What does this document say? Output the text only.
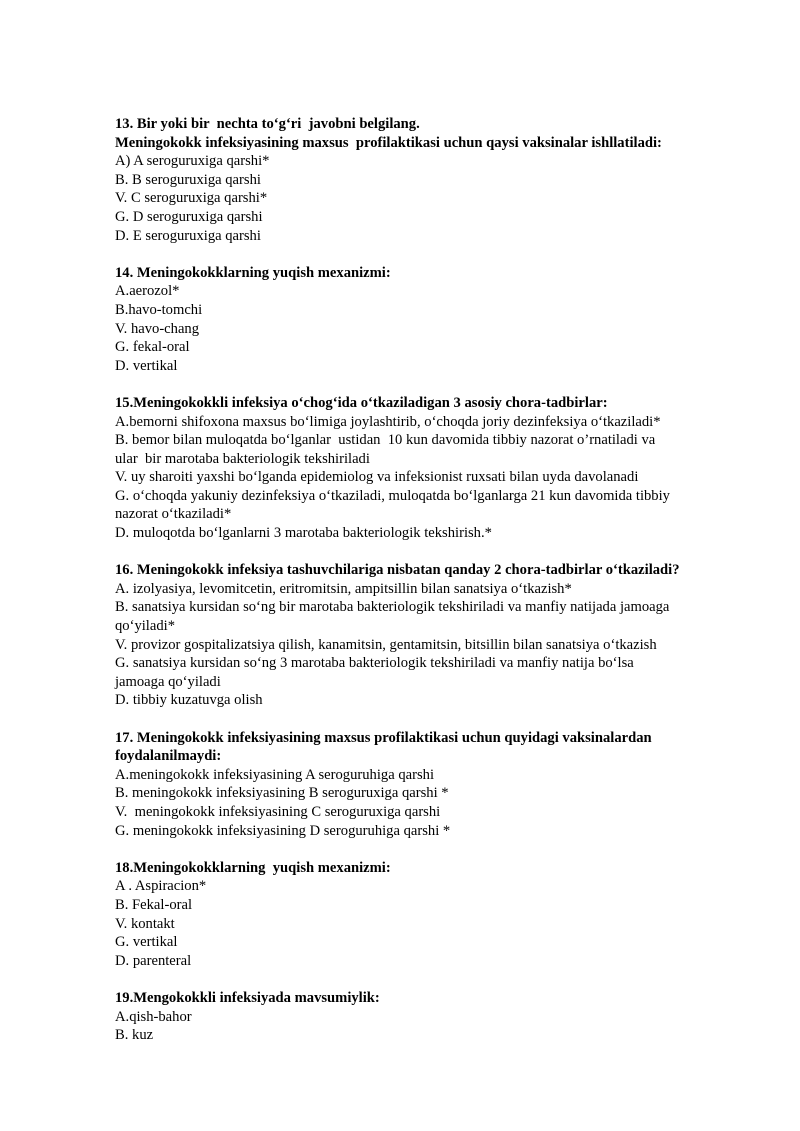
13. Bir yoki bir  nechta to‘g‘ri  javobni belgilang.
Meningokokk infeksiyasining maxsus  profilaktikasi uchun qaysi vaksinalar ishllatiladi:
A) A seroguruxiga qarshi*
B. B seroguruxiga qarshi
V. C seroguruxiga qarshi*
G. D seroguruxiga qarshi
D. E seroguruxiga qarshi
14. Meningokokklarning yuqish mexanizmi:
A.aerozol*
B.havo-tomchi
V. havo-chang
G. fekal-oral
D. vertikal
15.Meningokokkli infeksiya o‘chog‘ida o‘tkaziladigan 3 asosiy chora-tadbirlar:
A.bemorni shifoxona maxsus bo‘limiga joylashtirib, o‘choqda joriy dezinfeksiya o‘tkaziladi*
B. bemor bilan muloqatda bo‘lganlar  ustidan  10 kun davomida tibbiy nazorat o’rnatiladi va
ular  bir marotaba bakteriologik tekshiriladi
V. uy sharoiti yaxshi bo‘lganda epidemiolog va infeksionist ruxsati bilan uyda davolanadi
G. o‘choqda yakuniy dezinfeksiya o‘tkaziladi, muloqatda bo‘lganlarga 21 kun davomida tibbiy
nazorat o‘tkaziladi*
D. muloqotda bo‘lganlarni 3 marotaba bakteriologik tekshirish.*
16. Meningokokk infeksiya tashuvchilariga nisbatan qanday 2 chora-tadbirlar o‘tkaziladi?
A. izolyasiya, levomitcetin, eritromitsin, ampitsillin bilan sanatsiya o‘tkazish*
B. sanatsiya kursidan so‘ng bir marotaba bakteriologik tekshiriladi va manfiy natijada jamoaga
qo‘yiladi*
V. provizor gospitalizatsiya qilish, kanamitsin, gentamitsin, bitsillin bilan sanatsiya o‘tkazish
G. sanatsiya kursidan so‘ng 3 marotaba bakteriologik tekshiriladi va manfiy natija bo‘lsa
jamoaga qo‘yiladi
D. tibbiy kuzatuvga olish
17. Meningokokk infeksiyasining maxsus profilaktikasi uchun quyidagi vaksinalardan
foydalanilmaydi:
A.meningokokk infeksiyasining A seroguruhiga qarshi
B. meningokokk infeksiyasining B seroguruxiga qarshi *
V.  meningokokk infeksiyasining C seroguruxiga qarshi
G. meningokokk infeksiyasining D seroguruhiga qarshi *
18.Meningokokklarning  yuqish mexanizmi:
A . Aspiracion*
B. Fekal-oral
V. kontakt
G. vertikal
D. parenteral
19.Mengokokkli infeksiyada mavsumiylik:
A.qish-bahor
B. kuz
